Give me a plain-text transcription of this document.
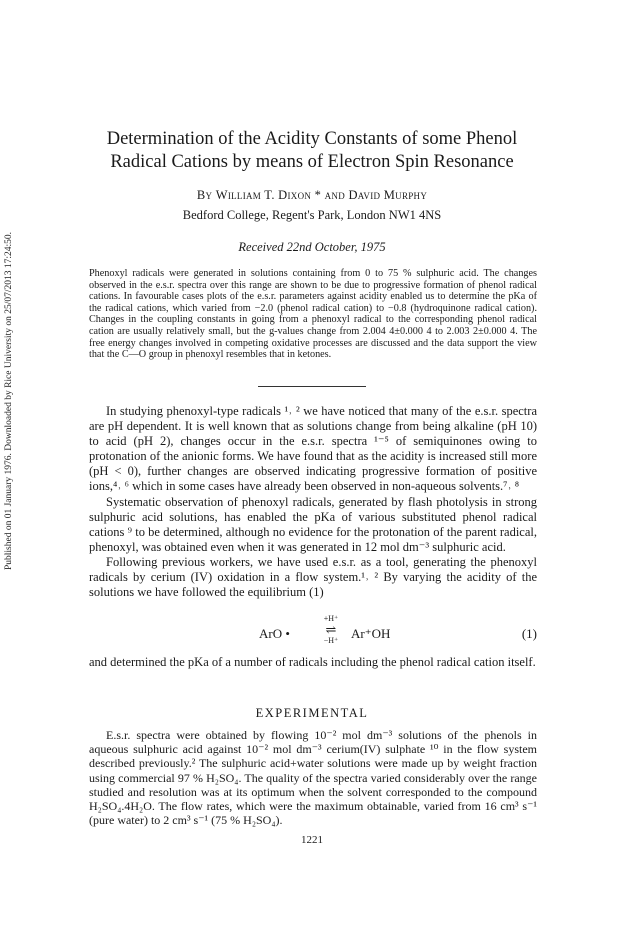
Published on 01 January 1976. Downloaded by Rice University on 25/07/2013 17:24:50.
Determination of the Acidity Constants of some Phenol
Radical Cations by means of Electron Spin Resonance
By William T. Dixon * and David Murphy
Bedford College, Regent's Park, London NW1 4NS
Received 22nd October, 1975
Phenoxyl radicals were generated in solutions containing from 0 to 75 % sulphuric acid. The changes observed in the e.s.r. spectra over this range are shown to be due to progressive formation of phenol radical cations. In favourable cases plots of the e.s.r. parameters against acidity enabled us to determine the pKa of the radical cations, which varied from −2.0 (phenol radical cation) to −0.8 (hydroquinone radical cation). Changes in the coupling constants in going from a phenoxyl radical to the corresponding phenol radical cation are usually relatively small, but the g-values change from 2.004 4±0.000 4 to 2.003 2±0.000 4. The free energy changes involved in competing oxidative processes are discussed and the data support the view that the C—O group in phenoxyl resembles that in ketones.

In studying phenoxyl-type radicals ¹˒ ² we have noticed that many of the e.s.r. spectra are pH dependent. It is well known that as solutions change from being alkaline (pH 10) to acid (pH 2), changes occur in the e.s.r. spectra ¹⁻⁵ of semiquinones owing to protonation of the anionic forms. We have found that as the acidity is increased still more (pH < 0), further changes are observed indicating progressive formation of positive ions,⁴˒ ⁶ which in some cases have already been observed in non-aqueous solvents.⁷˒ ⁸

Systematic observation of phenoxyl radicals, generated by flash photolysis in strong sulphuric acid solutions, has enabled the pKa of various substituted phenol radical cations ⁹ to be determined, although no evidence for the protonation of the parent radical, phenoxyl, was obtained even when it was generated in 12 mol dm⁻³ sulphuric acid.

Following previous workers, we have used e.s.r. as a tool, generating the phenoxyl radicals by cerium (IV) oxidation in a flow system.¹˒ ² By varying the acidity of the solutions we have followed the equilibrium (1)

ArO •
+H⁺
⇌
−H⁺ Ar⁺OH	(1)

and determined the pKa of a number of radicals including the phenol radical cation itself.

EXPERIMENTAL

E.s.r. spectra were obtained by flowing 10⁻² mol dm⁻³ solutions of the phenols in aqueous sulphuric acid against 10⁻² mol dm⁻³ cerium(IV) sulphate ¹⁰ in the flow system described previously.² The sulphuric acid+water solutions were made up by weight fraction using commercial 97 % H₂SO₄. The quality of the spectra varied considerably over the range studied and resolution was at its optimum when the solvent corresponded to the compound H₂SO₄.4H₂O. The flow rates, which were the maximum obtainable, varied from 16 cm³ s⁻¹ (pure water) to 2 cm³ s⁻¹ (75 % H₂SO₄).

1221
